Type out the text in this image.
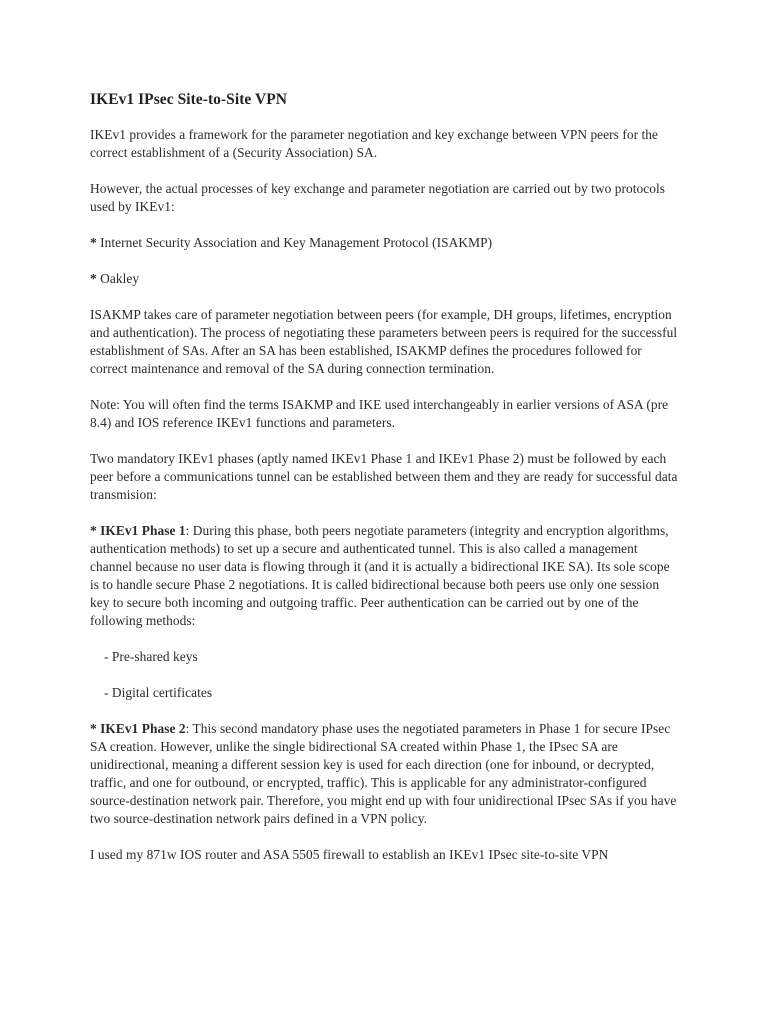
IKEv1 IPsec Site-to-Site VPN

IKEv1 provides a framework for the parameter negotiation and key exchange between VPN peers for the correct establishment of a (Security Association) SA.

However, the actual processes of key exchange and parameter negotiation are carried out by two protocols used by IKEv1:

* Internet Security Association and Key Management Protocol (ISAKMP)

* Oakley

ISAKMP takes care of parameter negotiation between peers (for example, DH groups, lifetimes, encryption and authentication). The process of negotiating these parameters between peers is required for the successful establishment of SAs. After an SA has been established, ISAKMP defines the procedures followed for correct maintenance and removal of the SA during connection termination.

Note: You will often find the terms ISAKMP and IKE used interchangeably in earlier versions of ASA (pre 8.4) and IOS reference IKEv1 functions and parameters.

Two mandatory IKEv1 phases (aptly named IKEv1 Phase 1 and IKEv1 Phase 2) must be followed by each peer before a communications tunnel can be established between them and they are ready for successful data transmision:

* IKEv1 Phase 1: During this phase, both peers negotiate parameters (integrity and encryption algorithms, authentication methods) to set up a secure and authenticated tunnel. This is also called a management channel because no user data is flowing through it (and it is actually a bidirectional IKE SA). Its sole scope is to handle secure Phase 2 negotiations. It is called bidirectional because both peers use only one session key to secure both incoming and outgoing traffic. Peer authentication can be carried out by one of the following methods:

- Pre-shared keys

- Digital certificates

* IKEv1 Phase 2: This second mandatory phase uses the negotiated parameters in Phase 1 for secure IPsec SA creation. However, unlike the single bidirectional SA created within Phase 1, the IPsec SA are unidirectional, meaning a different session key is used for each direction (one for inbound, or decrypted, traffic, and one for outbound, or encrypted, traffic). This is applicable for any administrator-configured source-destination network pair. Therefore, you might end up with four unidirectional IPsec SAs if you have two source-destination network pairs defined in a VPN policy.

I used my 871w IOS router and ASA 5505 firewall to establish an IKEv1 IPsec site-to-site VPN
